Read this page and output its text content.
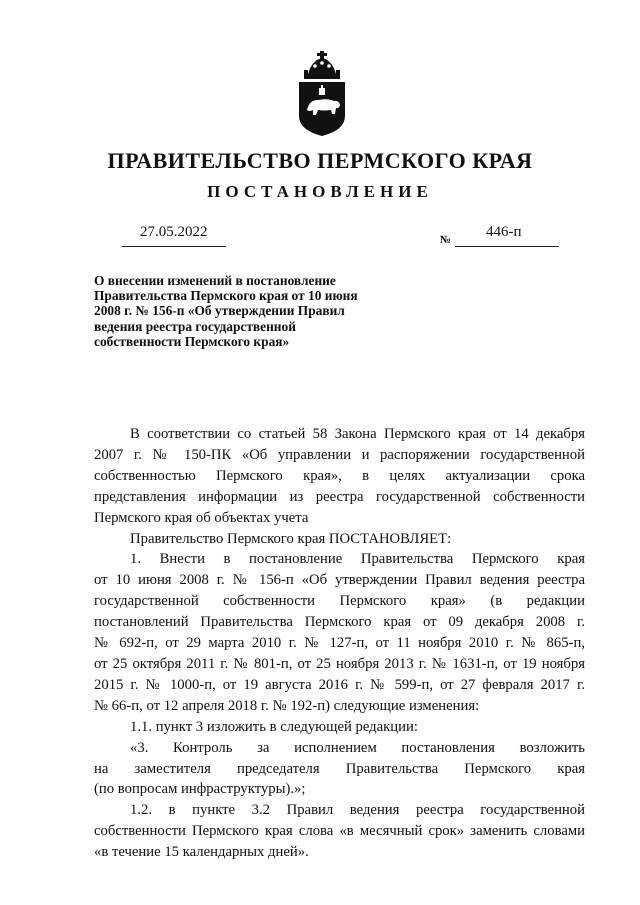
ПРАВИТЕЛЬСТВО ПЕРМСКОГО КРАЯ
ПОСТАНОВЛЕНИЕ
27.05.2022	№ 446-п
О внесении изменений в постановление
Правительства Пермского края от 10 июня
2008 г. № 156-п «Об утверждении Правил
ведения реестра государственной
собственности Пермского края»
В соответствии со статьей 58 Закона Пермского края от 14 декабря
2007 г. № 150-ПК «Об управлении и распоряжении государственной
собственностью Пермского края», в целях актуализации срока
представления информации из реестра государственной собственности
Пермского края об объектах учета
Правительство Пермского края ПОСТАНОВЛЯЕТ:
1. Внести в постановление Правительства Пермского края
от 10 июня 2008 г. № 156-п «Об утверждении Правил ведения реестра
государственной собственности Пермского края» (в редакции
постановлений Правительства Пермского края от 09 декабря 2008 г.
№ 692-п, от 29 марта 2010 г. № 127-п, от 11 ноября 2010 г. № 865-п,
от 25 октября 2011 г. № 801-п, от 25 ноября 2013 г. № 1631-п, от 19 ноября
2015 г. № 1000-п, от 19 августа 2016 г. № 599-п, от 27 февраля 2017 г.
№ 66-п, от 12 апреля 2018 г. № 192-п) следующие изменения:
1.1. пункт 3 изложить в следующей редакции:
«3. Контроль за исполнением постановления возложить
на заместителя председателя Правительства Пермского края
(по вопросам инфраструктуры).»;
1.2. в пункте 3.2 Правил ведения реестра государственной
собственности Пермского края слова «в месячный срок» заменить словами
«в течение 15 календарных дней».
